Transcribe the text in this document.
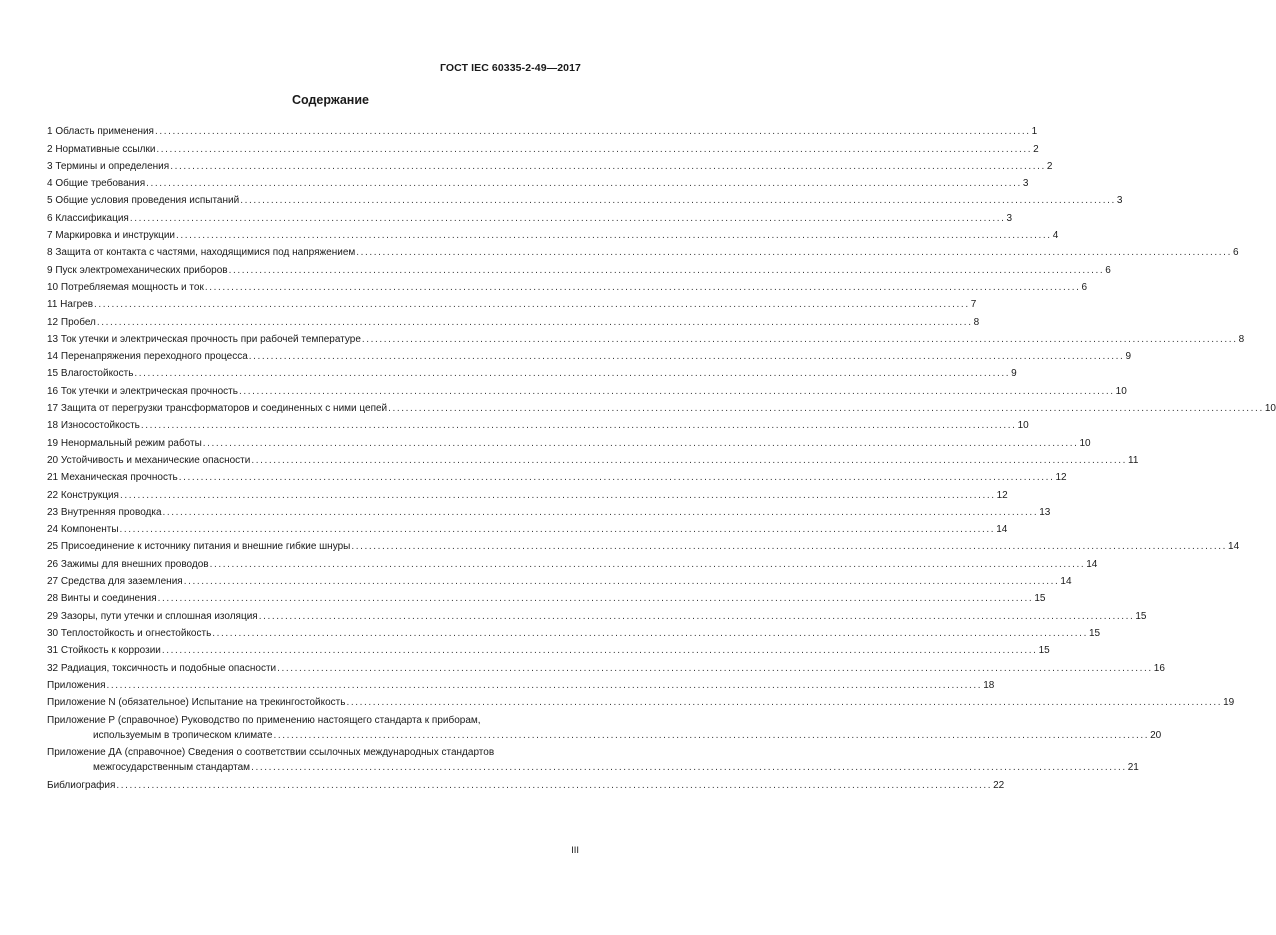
ГОСТ IEC 60335-2-49—2017
Содержание
1 Область применения ........................................................................................................................................................................................................ 1
2 Нормативные ссылки ........................................................................................................................................................................................................ 2
3 Термины и определения ........................................................................................................................................................................................................ 2
4 Общие требования ........................................................................................................................................................................................................ 3
5 Общие условия проведения испытаний ........................................................................................................................................................................................................ 3
6 Классификация ........................................................................................................................................................................................................ 3
7 Маркировка и инструкции ........................................................................................................................................................................................................ 4
8 Защита от контакта с частями, находящимися под напряжением ........................................................................................................................................................................................................ 6
9 Пуск электромеханических приборов ........................................................................................................................................................................................................ 6
10 Потребляемая мощность и ток ........................................................................................................................................................................................................ 6
11 Нагрев ........................................................................................................................................................................................................ 7
12 Пробел ........................................................................................................................................................................................................ 8
13 Ток утечки и электрическая прочность при рабочей температуре ........................................................................................................................................................................................................ 8
14 Перенапряжения переходного процесса ........................................................................................................................................................................................................ 9
15 Влагостойкость ........................................................................................................................................................................................................ 9
16 Ток утечки и электрическая прочность ........................................................................................................................................................................................................ 10
17 Защита от перегрузки трансформаторов и соединенных с ними цепей ........................................................................................................................................................................................................ 10
18 Износостойкость ........................................................................................................................................................................................................ 10
19 Ненормальный режим работы ........................................................................................................................................................................................................ 10
20 Устойчивость и механические опасности ........................................................................................................................................................................................................ 11
21 Механическая прочность ........................................................................................................................................................................................................ 12
22 Конструкция ........................................................................................................................................................................................................ 12
23 Внутренняя проводка ........................................................................................................................................................................................................ 13
24 Компоненты ........................................................................................................................................................................................................ 14
25 Присоединение к источнику питания и внешние гибкие шнуры ........................................................................................................................................................................................................ 14
26 Зажимы для внешних проводов ........................................................................................................................................................................................................ 14
27 Средства для заземления ........................................................................................................................................................................................................ 14
28 Винты и соединения ........................................................................................................................................................................................................ 15
29 Зазоры, пути утечки и сплошная изоляция ........................................................................................................................................................................................................ 15
30 Теплостойкость и огнестойкость ........................................................................................................................................................................................................ 15
31 Стойкость к коррозии ........................................................................................................................................................................................................ 15
32 Радиация, токсичность и подобные опасности ........................................................................................................................................................................................................ 16
Приложения ........................................................................................................................................................................................................ 18
Приложение N (обязательное) Испытание на трекингостойкость ........................................................................................................................................................................................................ 19
Приложение Р (справочное) Руководство по применению настоящего стандарта к приборам,
используемым в тропическом климате ........................................................................................................................................................................................................ 20
Приложение ДА (справочное) Сведения о соответствии ссылочных международных стандартов
межгосударственным стандартам ........................................................................................................................................................................................................ 21
Библиография ........................................................................................................................................................................................................ 22
III
